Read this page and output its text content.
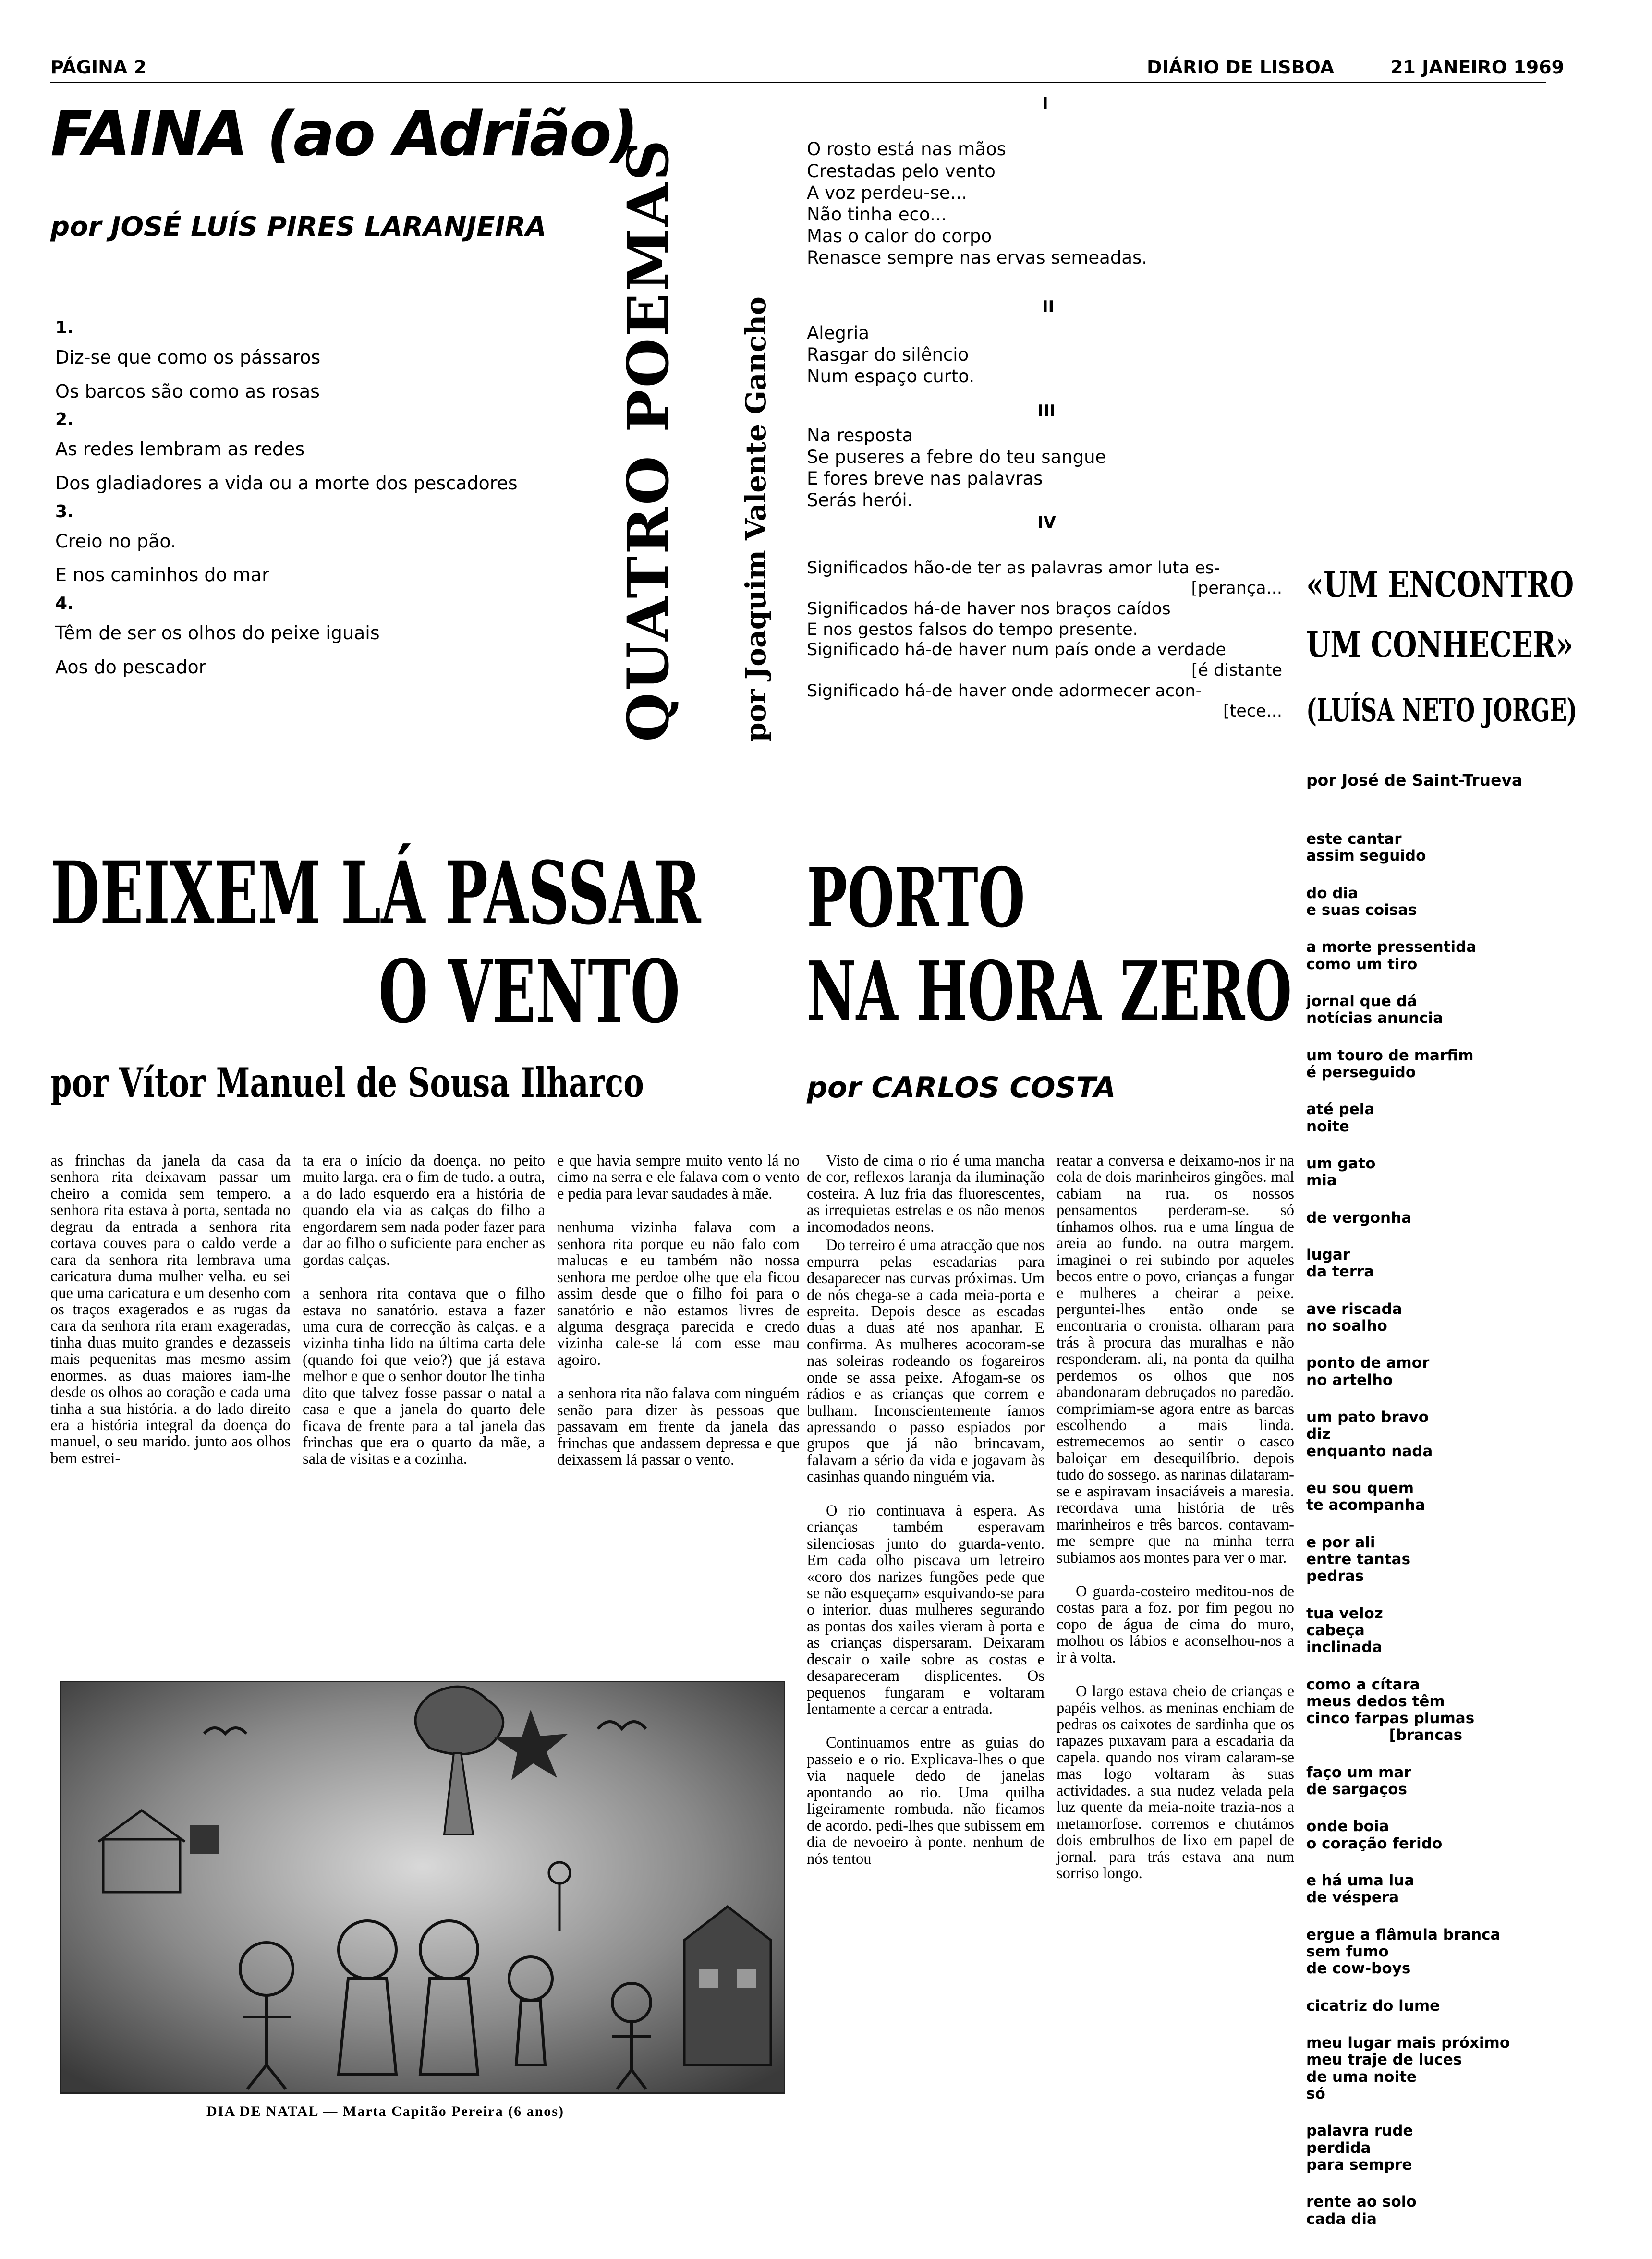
PÁGINA 2	DIÁRIO DE LISBOA	21 JANEIRO 1969
FAINA (ao Adrião)
por JOSÉ LUÍS PIRES LARANJEIRA

1.

Diz-se que como os pássaros

Os barcos são como as rosas

2.

As redes lembram as redes

Dos gladiadores a vida ou a morte dos pescadores

3.

Creio no pão.

E nos caminhos do mar

4.

Têm de ser os olhos do peixe iguais

Aos do pescador	QUATRO POEMAS por Joaquim Valente Gancho
I

O rosto está nas mãos

Crestadas pelo vento

A voz perdeu-se...

Não tinha eco...

Mas o calor do corpo

Renasce sempre nas ervas semeadas.

II

Alegria

Rasgar do silêncio

Num espaço curto.

III

Na resposta

Se puseres a febre do teu sangue

E fores breve nas palavras

Serás herói.

IV

Significados hão-de ter as palavras amor luta es-

[perança...

Significados há-de haver nos braços caídos

E nos gestos falsos do tempo presente.

Significado há-de haver num país onde a verdade

[é distante

Significado há-de haver onde adormecer acon-

[tece...

«UM ENCONTRO
UM CONHECER»
(LUÍSA NETO JORGE)
por José de Saint-Trueva

este cantar
assim seguido

do dia
e suas coisas

a morte pressentida
como um tiro

jornal que dá
notícias anuncia

um touro de marfim
é perseguido

até pela
noite

um gato
mia

de vergonha

lugar
da terra

ave riscada
no soalho

ponto de amor
no artelho

um pato bravo
diz
enquanto nada

eu sou quem
te acompanha

e por ali
entre tantas
pedras

tua veloz
cabeça
inclinada

como a cítara
meus dedos têm
cinco farpas plumas
[brancas

faço um mar
de sargaços

onde boia
o coração ferido

e há uma lua
de véspera

ergue a flâmula branca
sem fumo
de cow-boys

cicatriz do lume

meu lugar mais próximo
meu traje de luces
de uma noite
só

palavra rude
perdida
para sempre

rente ao solo
cada dia

DEIXEM LÁ PASSAR
O VENTO
por Vítor Manuel de Sousa Ilharco

as frinchas da janela da casa da senhora rita deixavam passar um cheiro a comida sem tempero. a senhora rita estava à porta, sentada no degrau da entrada a senhora rita cortava couves para o caldo verde a cara da senhora rita lembrava uma caricatura duma mulher velha. eu sei que uma caricatura e um desenho com os traços exagerados e as rugas da cara da senhora rita eram exageradas, tinha duas muito grandes e dezasseis mais pequenitas mas mesmo assim enormes. as duas maiores iam-lhe desde os olhos ao coração e cada uma tinha a sua história. a do lado direito era a história integral da doença do manuel, o seu marido. junto aos olhos bem estrei-

ta era o início da doença. no peito muito larga. era o fim de tudo. a outra, a do lado esquerdo era a história de quando ela via as calças do filho a engordarem sem nada poder fazer para dar ao filho o suficiente para encher as gordas calças.

a senhora rita contava que o filho estava no sanatório. estava a fazer uma cura de correcção às calças. e a vizinha tinha lido na última carta dele (quando foi que veio?) que já estava melhor e que o senhor doutor lhe tinha dito que talvez fosse passar o natal a casa e que a janela do quarto dele ficava de frente para a tal janela das frinchas que era o quarto da mãe, a sala de visitas e a cozinha.

e que havia sempre muito vento lá no cimo na serra e ele falava com o vento e pedia para levar saudades à mãe.

nenhuma vizinha falava com a senhora rita porque eu não falo com malucas e eu também não nossa senhora me perdoe olhe que ela ficou assim desde que o filho foi para o sanatório e não estamos livres de alguma desgraça parecida e credo vizinha cale-se lá com esse mau agoiro.

a senhora rita não falava com ninguém senão para dizer às pessoas que passavam em frente da janela das frinchas que andassem depressa e que deixassem lá passar o vento.

DIA DE NATAL — Marta Capitão Pereira (6 anos)
PORTO
NA HORA ZERO
por CARLOS COSTA

Visto de cima o rio é uma mancha de cor, reflexos laranja da iluminação costeira. A luz fria das fluorescentes, as irrequietas estrelas e os não menos incomodados neons.

Do terreiro é uma atracção que nos empurra pelas escadarias para desaparecer nas curvas próximas. Um de nós chega-se a cada meia-porta e espreita. Depois desce as escadas duas a duas até nos apanhar. E confirma. As mulheres acocoram-se nas soleiras rodeando os fogareiros onde se assa peixe. Afogam-se os rádios e as crianças que correm e bulham. Inconscientemente íamos apressando o passo espiados por grupos que já não brincavam, falavam a sério da vida e jogavam às casinhas quando ninguém via.

O rio continuava à espera. As crianças também esperavam silenciosas junto do guarda-vento. Em cada olho piscava um letreiro «coro dos narizes fungões pede que se não esqueçam» esquivando-se para o interior. duas mulheres segurando as pontas dos xailes vieram à porta e as crianças dispersaram. Deixaram descair o xaile sobre as costas e desapareceram displicentes. Os pequenos fungaram e voltaram lentamente a cercar a entrada.

Continuamos entre as guias do passeio e o rio. Explicava-lhes o que via naquele dedo de janelas apontando ao rio. Uma quilha ligeiramente rombuda. não ficamos de acordo. pedi-lhes que subissem em dia de nevoeiro à ponte. nenhum de nós tentou

reatar a conversa e deixamo-nos ir na cola de dois marinheiros gingões. mal cabiam na rua. os nossos pensamentos perderam-se. só tínhamos olhos. rua e uma língua de areia ao fundo. na outra margem. imaginei o rei subindo por aqueles becos entre o povo, crianças a fungar e mulheres a cheirar a peixe. perguntei-lhes então onde se encontraria o cronista. olharam para trás à procura das muralhas e não responderam. ali, na ponta da quilha perdemos os olhos que nos abandonaram debruçados no paredão. comprimiam-se agora entre as barcas escolhendo a mais linda. estremecemos ao sentir o casco baloiçar em desequilíbrio. depois tudo do sossego. as narinas dilataram-se e aspiravam insaciáveis a maresia. recordava uma história de três marinheiros e três barcos. contavam-me sempre que na minha terra subiamos aos montes para ver o mar.

O guarda-costeiro meditou-nos de costas para a foz. por fim pegou no copo de água de cima do muro, molhou os lábios e aconselhou-nos a ir à volta.

O largo estava cheio de crianças e papéis velhos. as meninas enchiam de pedras os caixotes de sardinha que os rapazes puxavam para a escadaria da capela. quando nos viram calaram-se mas logo voltaram às suas actividades. a sua nudez velada pela luz quente da meia-noite trazia-nos a metamorfose. corremos e chutámos dois embrulhos de lixo em papel de jornal. para trás estava ana num sorriso longo.
